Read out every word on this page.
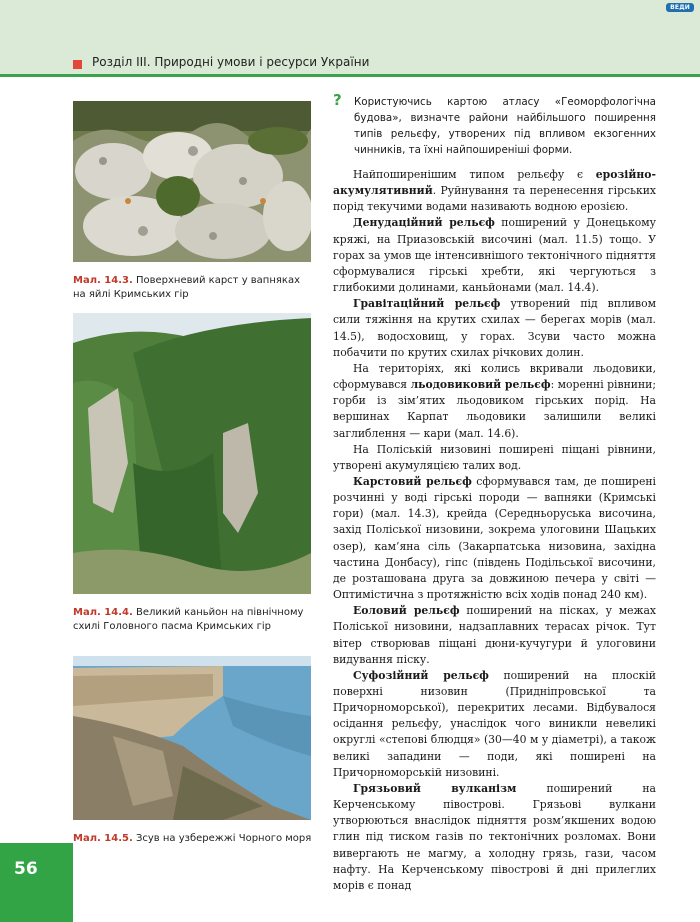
ВЕДИ
Розділ ІІІ. Природні умови і ресурси України
56
Мал. 14.3. Поверхневий карст у вапняках на яйлі Кримських гір
Мал. 14.4. Великий каньйон на північному схилі Головного пасма Кримських гір
Мал. 14.5. Зсув на узбережжі Чорного моря
? Користуючись картою атласу «Геоморфологічна будова», визначте райони найбільшого поширення типів рельєфу, утворених під впливом екзогенних чинників, та їхні найпоширеніші форми.

Найпоширенішим типом рельєфу є ерозійно-акумулятивний. Руйнування та перенесення гірських порід текучими водами називають водною ерозією.

Денудаційний рельєф поширений у Донецькому кряжі, на Приазовській височині (мал. 11.5) тощо. У горах за умов ще інтенсивнішого тектонічного підняття сформувалися гірські хребти, які чергуються з глибокими долинами, каньйонами (мал. 14.4).

Гравітаційний рельєф утворений під впливом сили тяжіння на крутих схилах — берегах морів (мал. 14.5), водосховищ, у горах. Зсуви часто можна побачити по крутих схилах річкових долин.

На територіях, які колись вкривали льодовики, сформувався льодовиковий рельєф: моренні рівнини; горби із зім’ятих льодовиком гірських порід. На вершинах Карпат льодовики залишили великі заглиблення — кари (мал. 14.6).

На Поліській низовині поширені піщані рівнини, утворені акумуляцією талих вод.

Карстовий рельєф сформувався там, де поширені розчинні у воді гірські породи — вапняки (Кримські гори) (мал. 14.3), крейда (Середньоруська височина, захід Поліської низовини, зокрема улоговини Шацьких озер), кам’яна сіль (Закарпатська низовина, західна частина Донбасу), гіпс (південь Подільської височини, де розташована друга за довжиною печера у світі — Оптимістична з протяжністю всіх ходів понад 240 км).

Еоловий рельєф поширений на пісках, у межах Поліської низовини, надзаплавних терасах річок. Тут вітер створював піщані дюни-кучугури й улоговини видування піску.

Суфозійний рельєф поширений на плоскій поверхні низовин (Придніпровської та Причорноморської), перекритих лесами. Відбувалося осідання рельєфу, унаслідок чого виникли невеликі округлі «степові блюдця» (30—40 м у діаметрі), а також великі западини — поди, які поширені на Причорноморській низовині.

Грязьовий вулканізм поширений на Керченському півострові. Грязьові вулкани утворюються внаслідок підняття розм’якшених водою глин під тиском газів по тектонічних розломах. Вони вивергають не магму, а холодну грязь, гази, часом нафту. На Керченському півострові й дні прилеглих морів є понад
